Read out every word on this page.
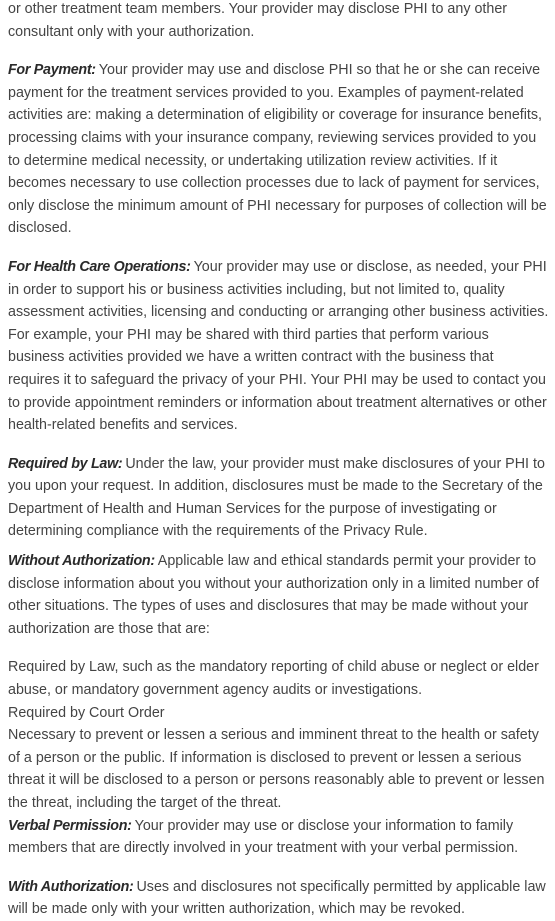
or other treatment team members. Your provider may disclose PHI to any other consultant only with your authorization.

For Payment: Your provider may use and disclose PHI so that he or she can receive payment for the treatment services provided to you. Examples of payment-related activities are: making a determination of eligibility or coverage for insurance benefits, processing claims with your insurance company, reviewing services provided to you to determine medical necessity, or undertaking utilization review activities. If it becomes necessary to use collection processes due to lack of payment for services, only disclose the minimum amount of PHI necessary for purposes of collection will be disclosed.

For Health Care Operations: Your provider may use or disclose, as needed, your PHI in order to support his or business activities including, but not limited to, quality assessment activities, licensing and conducting or arranging other business activities. For example, your PHI may be shared with third parties that perform various business activities provided we have a written contract with the business that requires it to safeguard the privacy of your PHI. Your PHI may be used to contact you to provide appointment reminders or information about treatment alternatives or other health-related benefits and services.

Required by Law: Under the law, your provider must make disclosures of your PHI to you upon your request. In addition, disclosures must be made to the Secretary of the Department of Health and Human Services for the purpose of investigating or determining compliance with the requirements of the Privacy Rule.

Without Authorization: Applicable law and ethical standards permit your provider to disclose information about you without your authorization only in a limited number of other situations. The types of uses and disclosures that may be made without your authorization are those that are:

Required by Law, such as the mandatory reporting of child abuse or neglect or elder abuse, or mandatory government agency audits or investigations.

Required by Court Order

Necessary to prevent or lessen a serious and imminent threat to the health or safety of a person or the public. If information is disclosed to prevent or lessen a serious threat it will be disclosed to a person or persons reasonably able to prevent or lessen the threat, including the target of the threat.

Verbal Permission: Your provider may use or disclose your information to family members that are directly involved in your treatment with your verbal permission.

With Authorization: Uses and disclosures not specifically permitted by applicable law will be made only with your written authorization, which may be revoked.
